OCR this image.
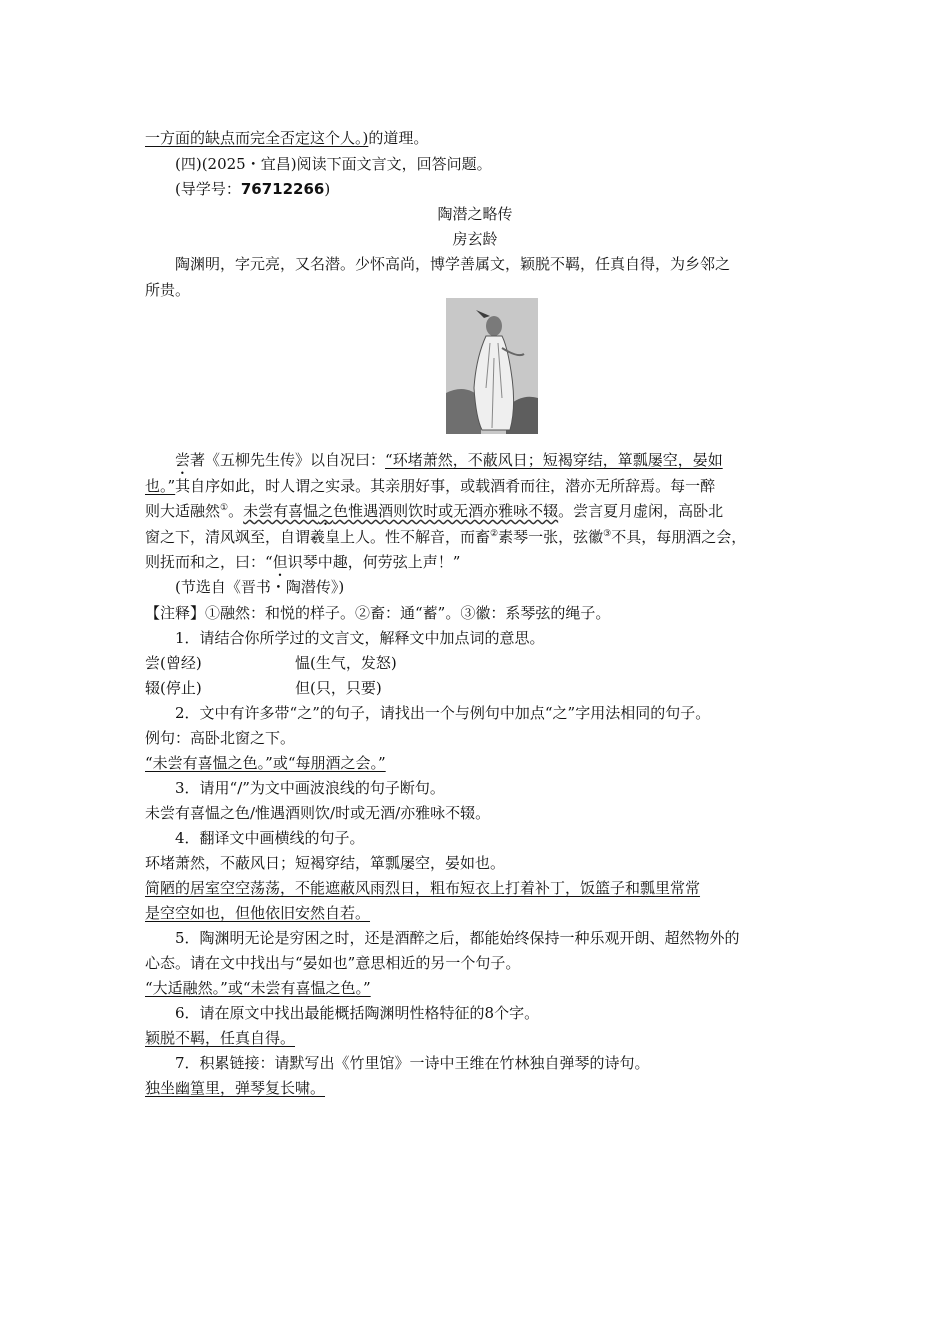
一方面的缺点而完全否定这个人。)的道理。
(四)(2025・宜昌)阅读下面文言文，回答问题。
(导学号：76712266)
陶潜之略传
房玄龄
陶渊明，字元亮，又名潜。少怀高尚，博学善属文，颖脱不羁，任真自得，为乡邻之
所贵。
尝著《五柳先生传》以自况曰：“环堵萧然，不蔽风日；短褐穿结，箪瓢屡空，晏如
也。”其自序如此，时人谓之实录。其亲朋好事，或载酒肴而往，潜亦无所辞焉。每一醉
则大适融然①。未尝有喜愠之色惟遇酒则饮时或无酒亦雅咏不辍。尝言夏月虚闲，高卧北
窗之下，清风飒至，自谓羲皇上人。性不解音，而畜②素琴一张，弦徽③不具，每朋酒之会，
则抚而和之，曰：“但识琴中趣，何劳弦上声！”
(节选自《晋书・陶潜传》)
【注释】①融然：和悦的样子。②畜：通“蓄”。③徽：系琴弦的绳子。
1．请结合你所学过的文言文，解释文中加点词的意思。
尝(曾经)	愠(生气，发怒)
辍(停止)	但(只，只要)
2．文中有许多带“之”的句子，请找出一个与例句中加点“之”字用法相同的句子。
例句：高卧北窗之下。
“未尝有喜愠之色。”或“每朋酒之会。”
3．请用“/”为文中画波浪线的句子断句。
未尝有喜愠之色/惟遇酒则饮/时或无酒/亦雅咏不辍。
4．翻译文中画横线的句子。
环堵萧然，不蔽风日；短褐穿结，箪瓢屡空，晏如也。
简陋的居室空空荡荡，不能遮蔽风雨烈日，粗布短衣上打着补丁，饭篮子和瓢里常常
是空空如也，但他依旧安然自若。
5．陶渊明无论是穷困之时，还是酒醉之后，都能始终保持一种乐观开朗、超然物外的
心态。请在文中找出与“晏如也”意思相近的另一个句子。
“大适融然。”或“未尝有喜愠之色。”
6．请在原文中找出最能概括陶渊明性格特征的8个字。
颖脱不羁，任真自得。
7．积累链接：请默写出《竹里馆》一诗中王维在竹林独自弹琴的诗句。
独坐幽篁里，弹琴复长啸。
